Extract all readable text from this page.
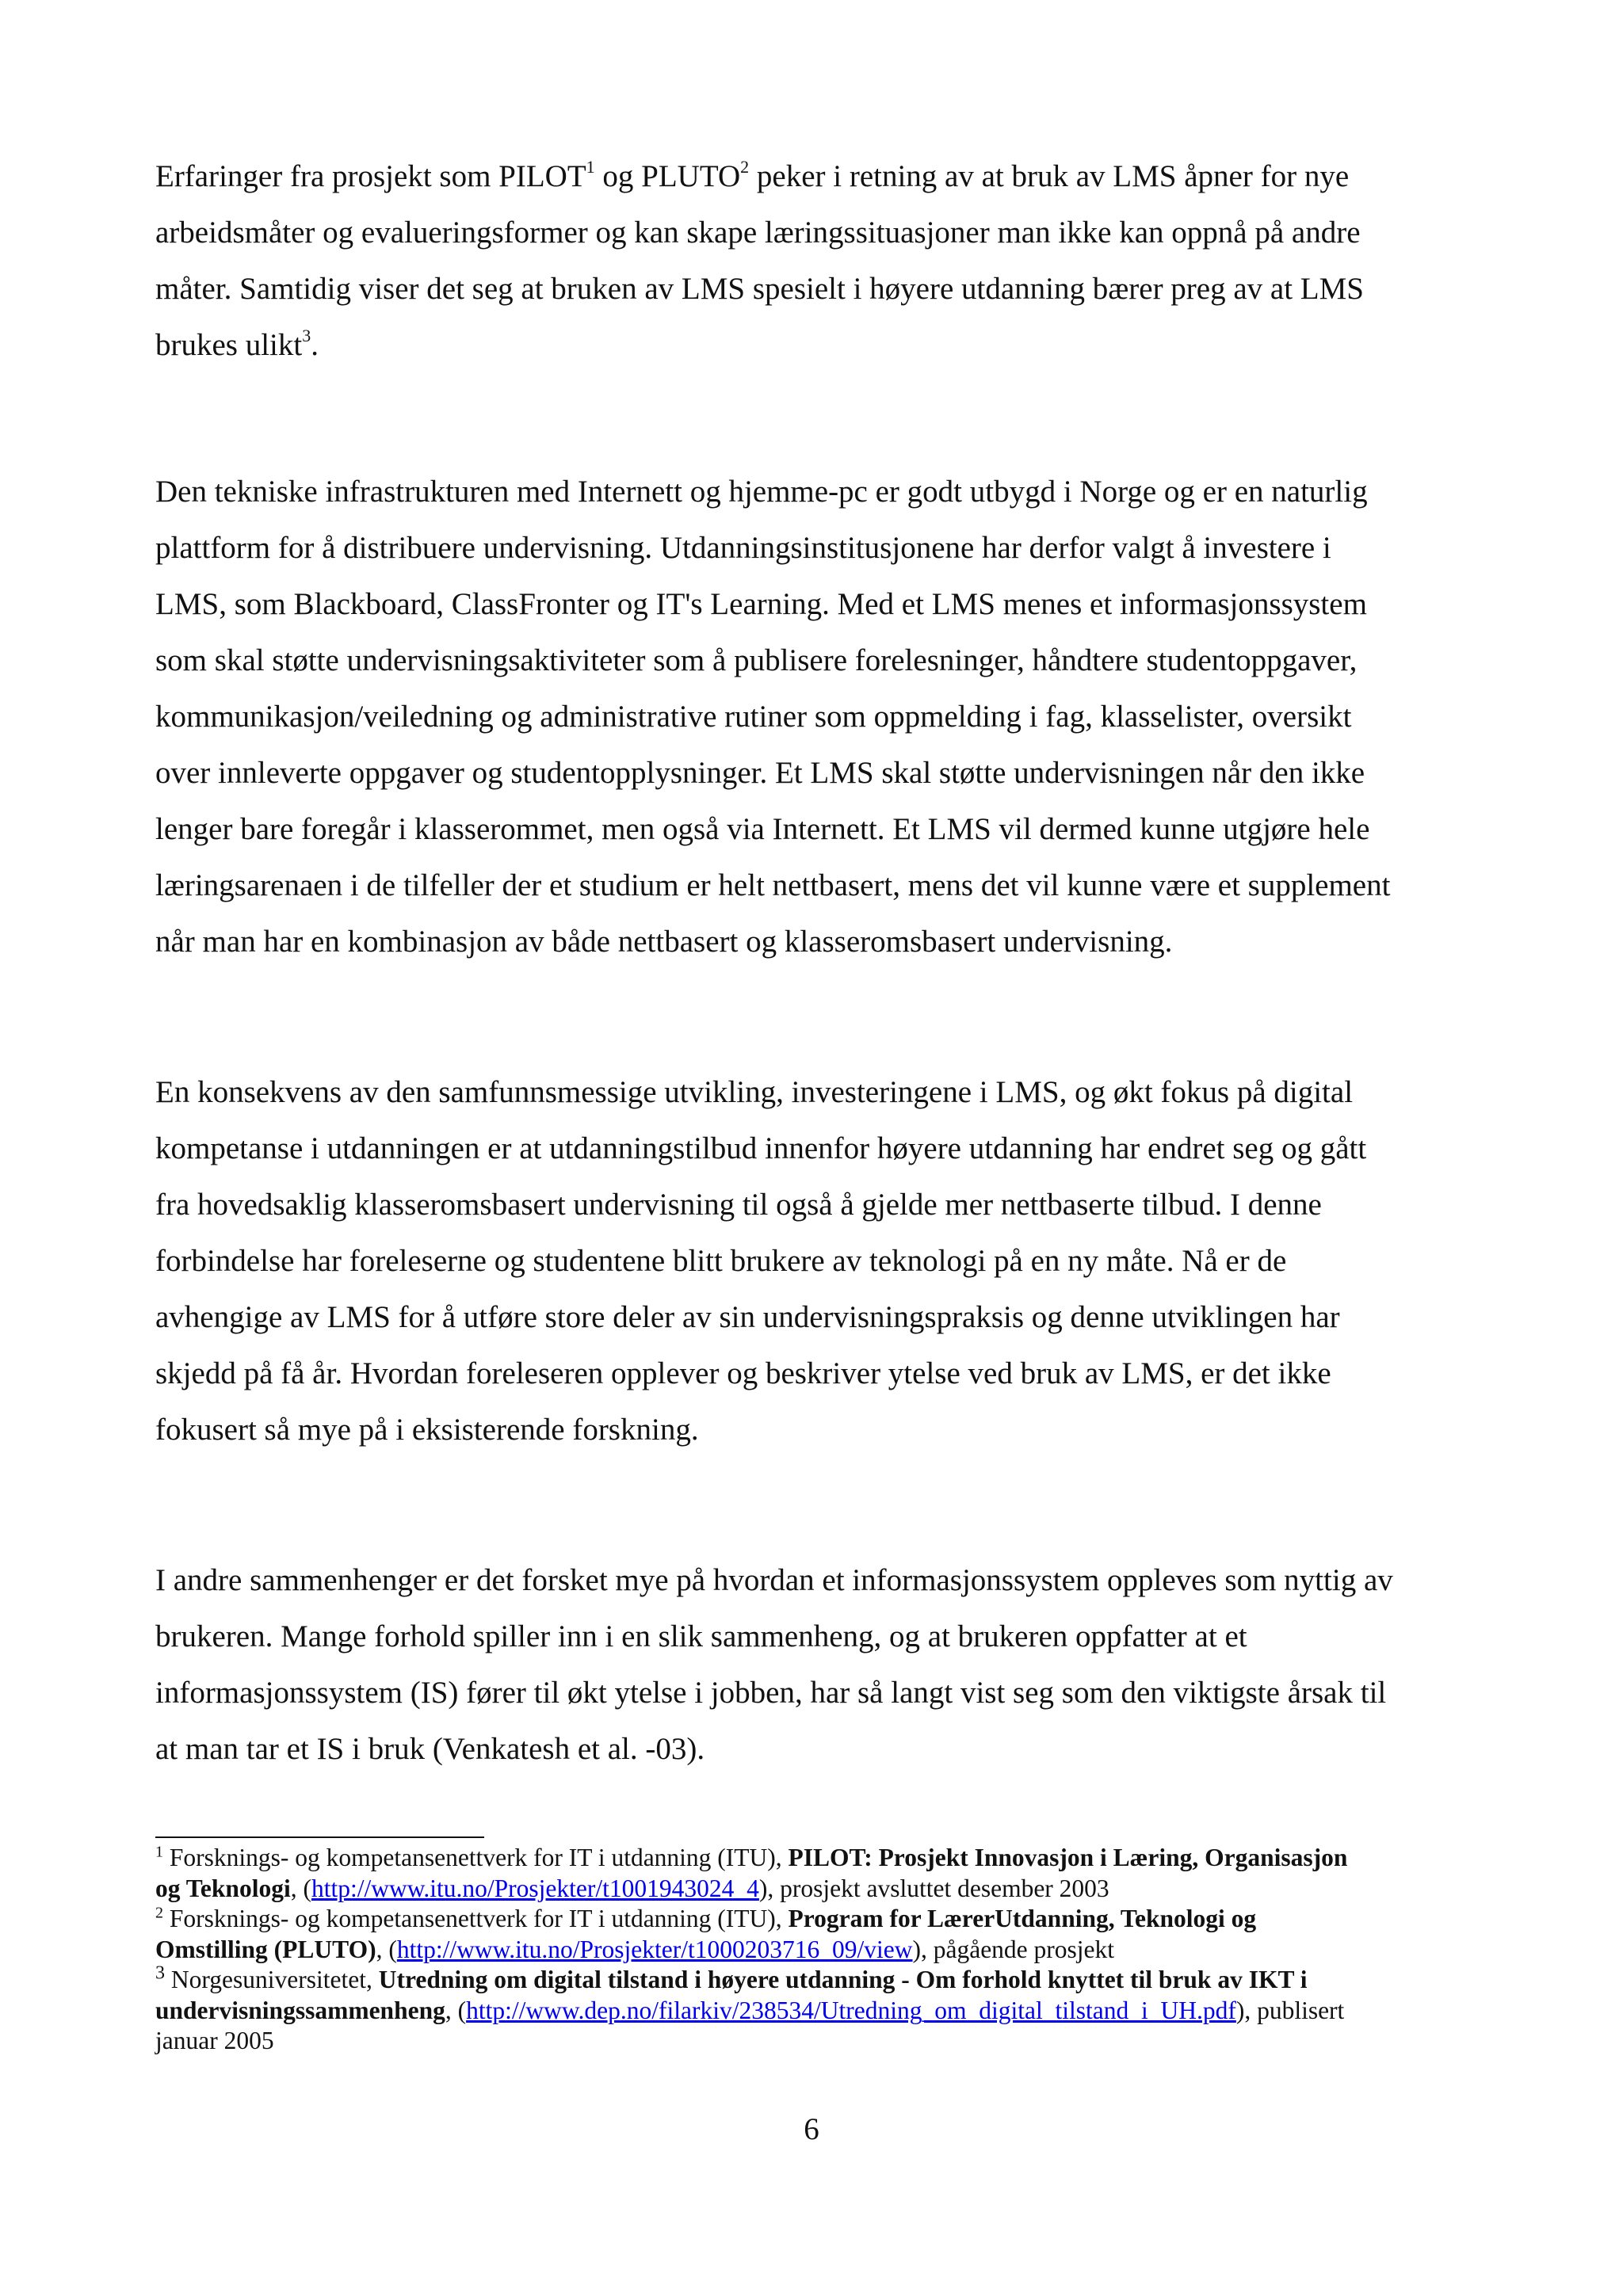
Erfaringer fra prosjekt som PILOT$^1$ og PLUTO$^2$ peker i retning av at bruk av LMS åpner for nye
arbeidsmåter og evalueringsformer og kan skape læringssituasjoner man ikke kan oppnå på andre
måter. Samtidig viser det seg at bruken av LMS spesielt i høyere utdanning bærer preg av at LMS
brukes ulikt$^3$.

Den tekniske infrastrukturen med Internett og hjemme-pc er godt utbygd i Norge og er en naturlig
plattform for å distribuere undervisning. Utdanningsinstitusjonene har derfor valgt å investere i
LMS, som Blackboard, ClassFronter og IT's Learning. Med et LMS menes et informasjonssystem
som skal støtte undervisningsaktiviteter som å publisere forelesninger, håndtere studentoppgaver,
kommunikasjon/veiledning og administrative rutiner som oppmelding i fag, klasselister, oversikt
over innleverte oppgaver og studentopplysninger. Et LMS skal støtte undervisningen når den ikke
lenger bare foregår i klasserommet, men også via Internett. Et LMS vil dermed kunne utgjøre hele
læringsarenaen i de tilfeller der et studium er helt nettbasert, mens det vil kunne være et supplement
når man har en kombinasjon av både nettbasert og klasseromsbasert undervisning.

En konsekvens av den samfunnsmessige utvikling, investeringene i LMS, og økt fokus på digital
kompetanse i utdanningen er at utdanningstilbud innenfor høyere utdanning har endret seg og gått
fra hovedsaklig klasseromsbasert undervisning til også å gjelde mer nettbaserte tilbud. I denne
forbindelse har foreleserne og studentene blitt brukere av teknologi på en ny måte. Nå er de
avhengige av LMS for å utføre store deler av sin undervisningspraksis og denne utviklingen har
skjedd på få år. Hvordan foreleseren opplever og beskriver ytelse ved bruk av LMS, er det ikke
fokusert så mye på i eksisterende forskning.

I andre sammenhenger er det forsket mye på hvordan et informasjonssystem oppleves som nyttig av
brukeren. Mange forhold spiller inn i en slik sammenheng, og at brukeren oppfatter at et
informasjonssystem (IS) fører til økt ytelse i jobben, har så langt vist seg som den viktigste årsak til
at man tar et IS i bruk (Venkatesh et al. -03).

$^1$ Forsknings- og kompetansenettverk for IT i utdanning (ITU), PILOT: Prosjekt Innovasjon i Læring, Organisasjon
og Teknologi, (http://www.itu.no/Prosjekter/t1001943024_4), prosjekt avsluttet desember 2003
$^2$ Forsknings- og kompetansenettverk for IT i utdanning (ITU), Program for LærerUtdanning, Teknologi og
Omstilling (PLUTO), (http://www.itu.no/Prosjekter/t1000203716_09/view), pågående prosjekt
$^3$ Norgesuniversitetet, Utredning om digital tilstand i høyere utdanning - Om forhold knyttet til bruk av IKT i
undervisningssammenheng, (http://www.dep.no/filarkiv/238534/Utredning_om_digital_tilstand_i_UH.pdf), publisert
januar 2005
6
